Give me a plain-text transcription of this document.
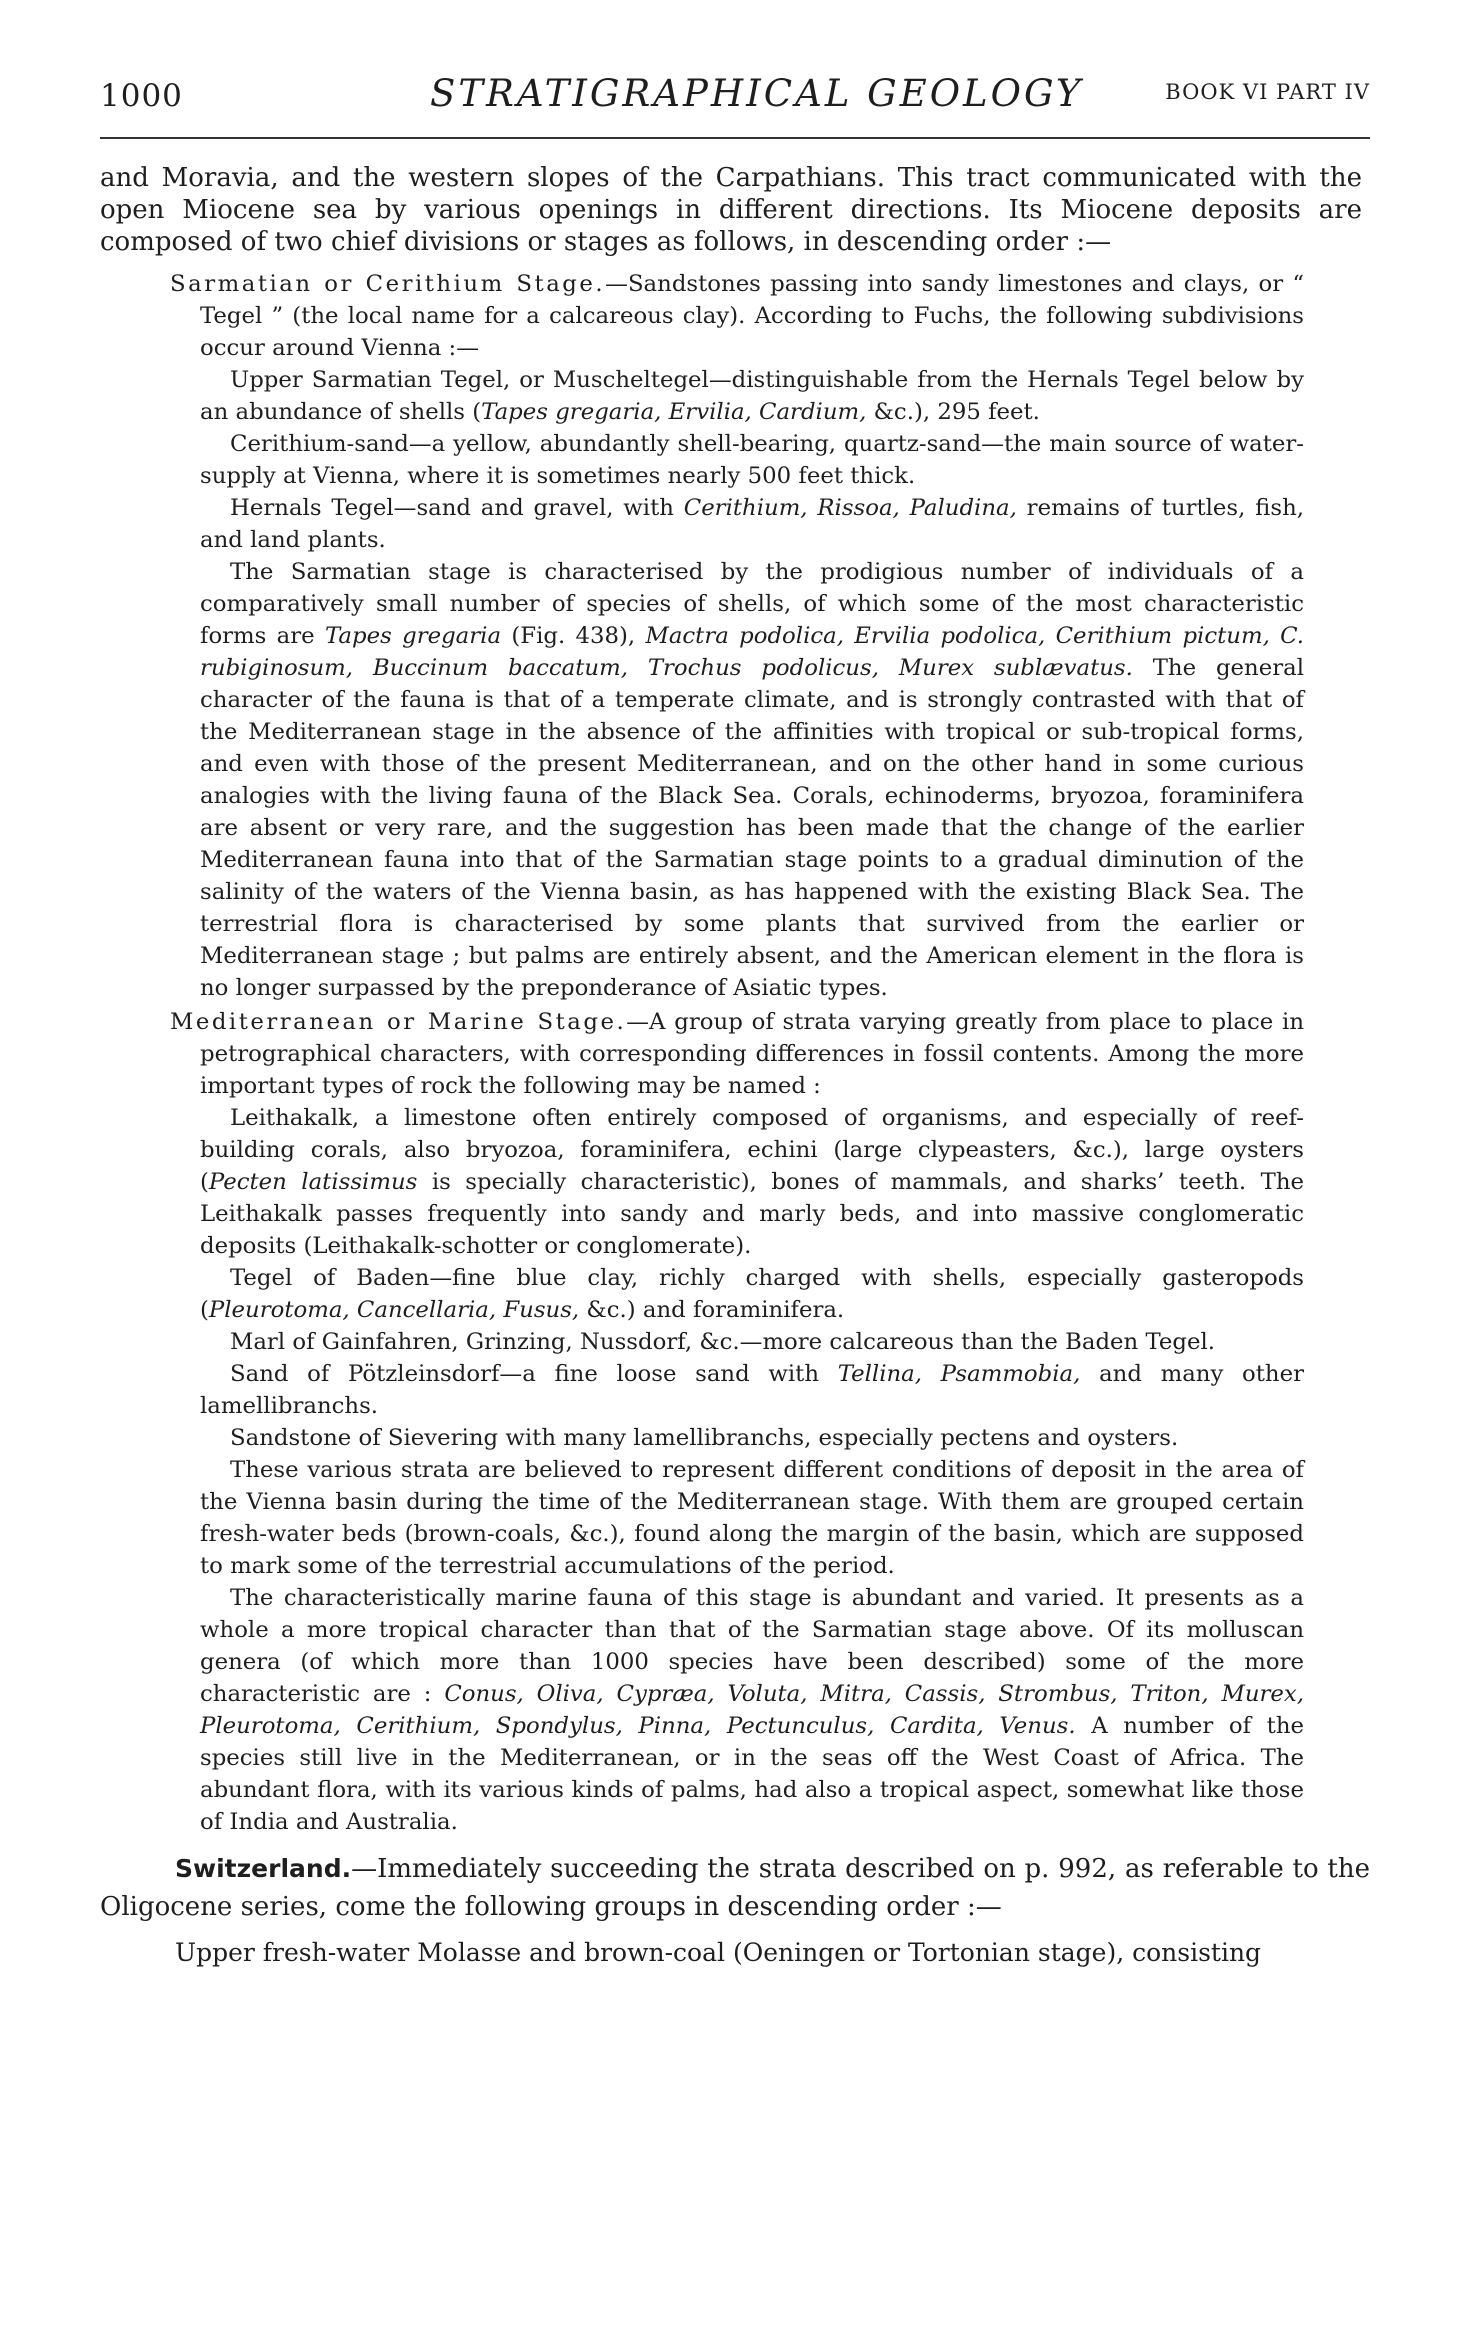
1000	STRATIGRAPHICAL GEOLOGY	BOOK VI PART IV

and Moravia, and the western slopes of the Carpathians. This tract communicated with the open Miocene sea by various openings in different directions. Its Miocene deposits are composed of two chief divisions or stages as follows, in descending order :—

Sarmatian or Cerithium Stage.—Sandstones passing into sandy limestones and clays, or “ Tegel ” (the local name for a calcareous clay). According to Fuchs, the following subdivisions occur around Vienna :—

Upper Sarmatian Tegel, or Muscheltegel—distinguishable from the Hernals Tegel below by an abundance of shells (Tapes gregaria, Ervilia, Cardium, &c.), 295 feet.

Cerithium-sand—a yellow, abundantly shell-bearing, quartz-sand—the main source of water-supply at Vienna, where it is sometimes nearly 500 feet thick.

Hernals Tegel—sand and gravel, with Cerithium, Rissoa, Paludina, remains of turtles, fish, and land plants.

The Sarmatian stage is characterised by the prodigious number of individuals of a comparatively small number of species of shells, of which some of the most characteristic forms are Tapes gregaria (Fig. 438), Mactra podolica, Ervilia podolica, Cerithium pictum, C. rubiginosum, Buccinum baccatum, Trochus podolicus, Murex sublævatus. The general character of the fauna is that of a temperate climate, and is strongly contrasted with that of the Mediterranean stage in the absence of the affinities with tropical or sub-tropical forms, and even with those of the present Mediterranean, and on the other hand in some curious analogies with the living fauna of the Black Sea. Corals, echinoderms, bryozoa, foraminifera are absent or very rare, and the suggestion has been made that the change of the earlier Mediterranean fauna into that of the Sarmatian stage points to a gradual diminution of the salinity of the waters of the Vienna basin, as has happened with the existing Black Sea. The terrestrial flora is characterised by some plants that survived from the earlier or Mediterranean stage ; but palms are entirely absent, and the American element in the flora is no longer surpassed by the preponderance of Asiatic types.

Mediterranean or Marine Stage.—A group of strata varying greatly from place to place in petrographical characters, with corresponding differences in fossil contents. Among the more important types of rock the following may be named :

Leithakalk, a limestone often entirely composed of organisms, and especially of reef-building corals, also bryozoa, foraminifera, echini (large clypeasters, &c.), large oysters (Pecten latissimus is specially characteristic), bones of mammals, and sharks’ teeth. The Leithakalk passes frequently into sandy and marly beds, and into massive conglomeratic deposits (Leithakalk-schotter or conglomerate).

Tegel of Baden—fine blue clay, richly charged with shells, especially gasteropods (Pleurotoma, Cancellaria, Fusus, &c.) and foraminifera.

Marl of Gainfahren, Grinzing, Nussdorf, &c.—more calcareous than the Baden Tegel.

Sand of Pötzleinsdorf—a fine loose sand with Tellina, Psammobia, and many other lamellibranchs.

Sandstone of Sievering with many lamellibranchs, especially pectens and oysters.

These various strata are believed to represent different conditions of deposit in the area of the Vienna basin during the time of the Mediterranean stage. With them are grouped certain fresh-water beds (brown-coals, &c.), found along the margin of the basin, which are supposed to mark some of the terrestrial accumulations of the period.

The characteristically marine fauna of this stage is abundant and varied. It presents as a whole a more tropical character than that of the Sarmatian stage above. Of its molluscan genera (of which more than 1000 species have been described) some of the more characteristic are : Conus, Oliva, Cypræa, Voluta, Mitra, Cassis, Strombus, Triton, Murex, Pleurotoma, Cerithium, Spondylus, Pinna, Pectunculus, Cardita, Venus. A number of the species still live in the Mediterranean, or in the seas off the West Coast of Africa. The abundant flora, with its various kinds of palms, had also a tropical aspect, somewhat like those of India and Australia.

Switzerland.—Immediately succeeding the strata described on p. 992, as referable to the Oligocene series, come the following groups in descending order :—

Upper fresh-water Molasse and brown-coal (Oeningen or Tortonian stage), consisting
